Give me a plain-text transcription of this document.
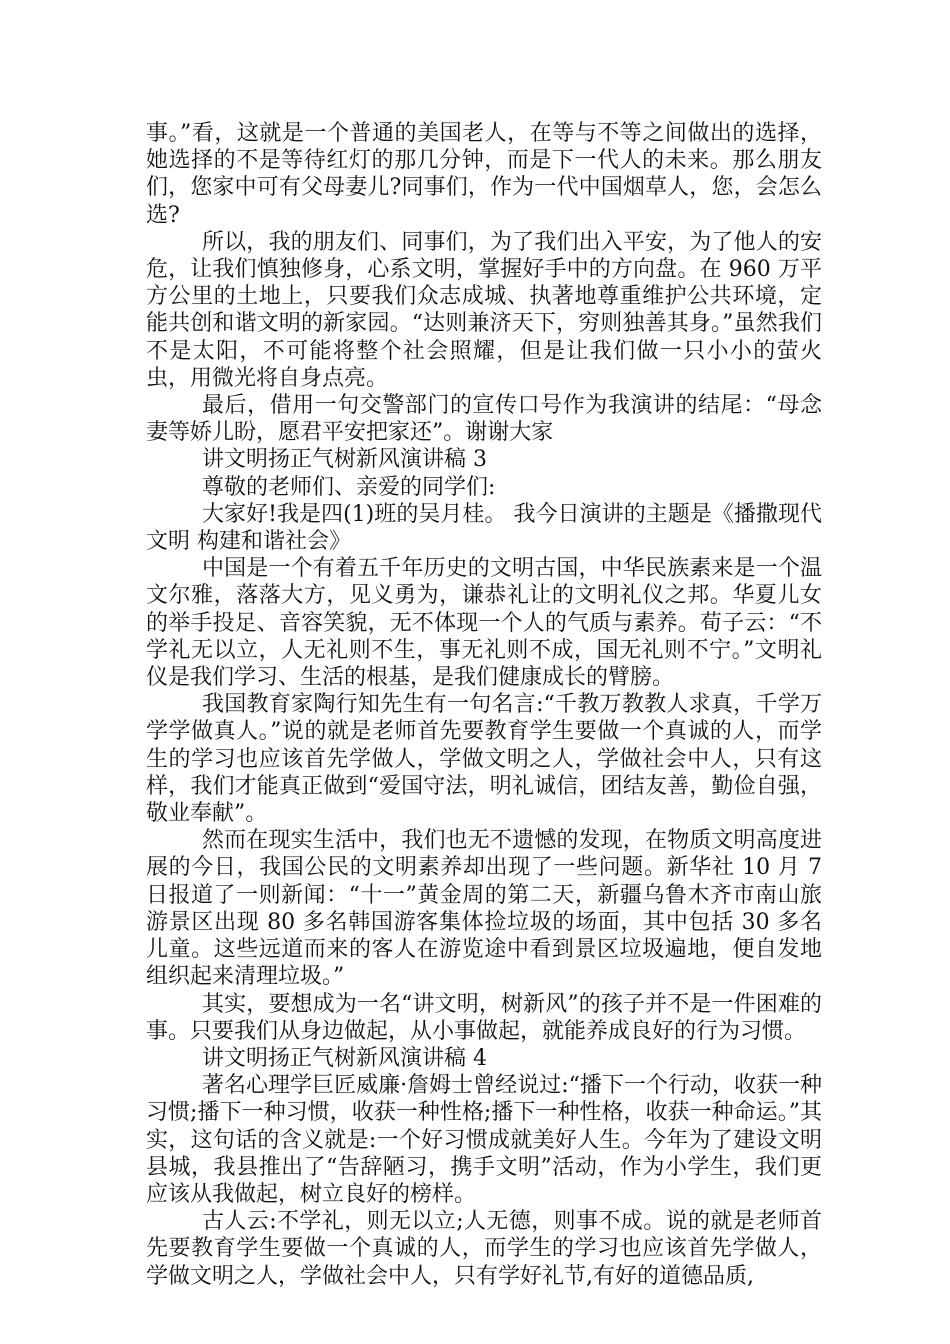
事。”看，这就是一个普通的美国老人，在等与不等之间做出的选择，她选择的不是等待红灯的那几分钟，而是下一代人的未来。那么朋友们，您家中可有父母妻儿?同事们，作为一代中国烟草人，您，会怎么选?

所以，我的朋友们、同事们，为了我们出入平安，为了他人的安危，让我们慎独修身，心系文明，掌握好手中的方向盘。在 960 万平方公里的土地上，只要我们众志成城、执著地尊重维护公共环境，定能共创和谐文明的新家园。“达则兼济天下，穷则独善其身。”虽然我们不是太阳，不可能将整个社会照耀，但是让我们做一只小小的萤火虫，用微光将自身点亮。

最后，借用一句交警部门的宣传口号作为我演讲的结尾：“母念妻等娇儿盼，愿君平安把家还”。谢谢大家

讲文明扬正气树新风演讲稿 3

尊敬的老师们、亲爱的同学们:

大家好!我是四(1)班的吴月桂。 我今日演讲的主题是《播撒现代文明 构建和谐社会》

中国是一个有着五千年历史的文明古国，中华民族素来是一个温文尔雅，落落大方，见义勇为，谦恭礼让的文明礼仪之邦。华夏儿女的举手投足、音容笑貌，无不体现一个人的气质与素养。荀子云：“不学礼无以立，人无礼则不生，事无礼则不成，国无礼则不宁。”文明礼仪是我们学习、生活的根基，是我们健康成长的臂膀。

我国教育家陶行知先生有一句名言:“千教万教教人求真，千学万学学做真人。”说的就是老师首先要教育学生要做一个真诚的人，而学生的学习也应该首先学做人，学做文明之人，学做社会中人，只有这样，我们才能真正做到“爱国守法，明礼诚信，团结友善，勤俭自强，敬业奉献”。

然而在现实生活中，我们也无不遗憾的发现，在物质文明高度进展的今日，我国公民的文明素养却出现了一些问题。新华社 10 月 7 日报道了一则新闻：“十一”黄金周的第二天，新疆乌鲁木齐市南山旅游景区出现 80 多名韩国游客集体捡垃圾的场面，其中包括 30 多名儿童。这些远道而来的客人在游览途中看到景区垃圾遍地，便自发地组织起来清理垃圾。”

其实，要想成为一名“讲文明，树新风”的孩子并不是一件困难的事。只要我们从身边做起，从小事做起，就能养成良好的行为习惯。

讲文明扬正气树新风演讲稿 4

著名心理学巨匠威廉·詹姆士曾经说过:“播下一个行动，收获一种习惯;播下一种习惯，收获一种性格;播下一种性格，收获一种命运。”其实，这句话的含义就是:一个好习惯成就美好人生。今年为了建设文明县城，我县推出了“告辞陋习，携手文明”活动，作为小学生，我们更应该从我做起，树立良好的榜样。

古人云:不学礼，则无以立;人无德，则事不成。说的就是老师首先要教育学生要做一个真诚的人，而学生的学习也应该首先学做人，学做文明之人，学做社会中人，只有学好礼节,有好的道德品质,
